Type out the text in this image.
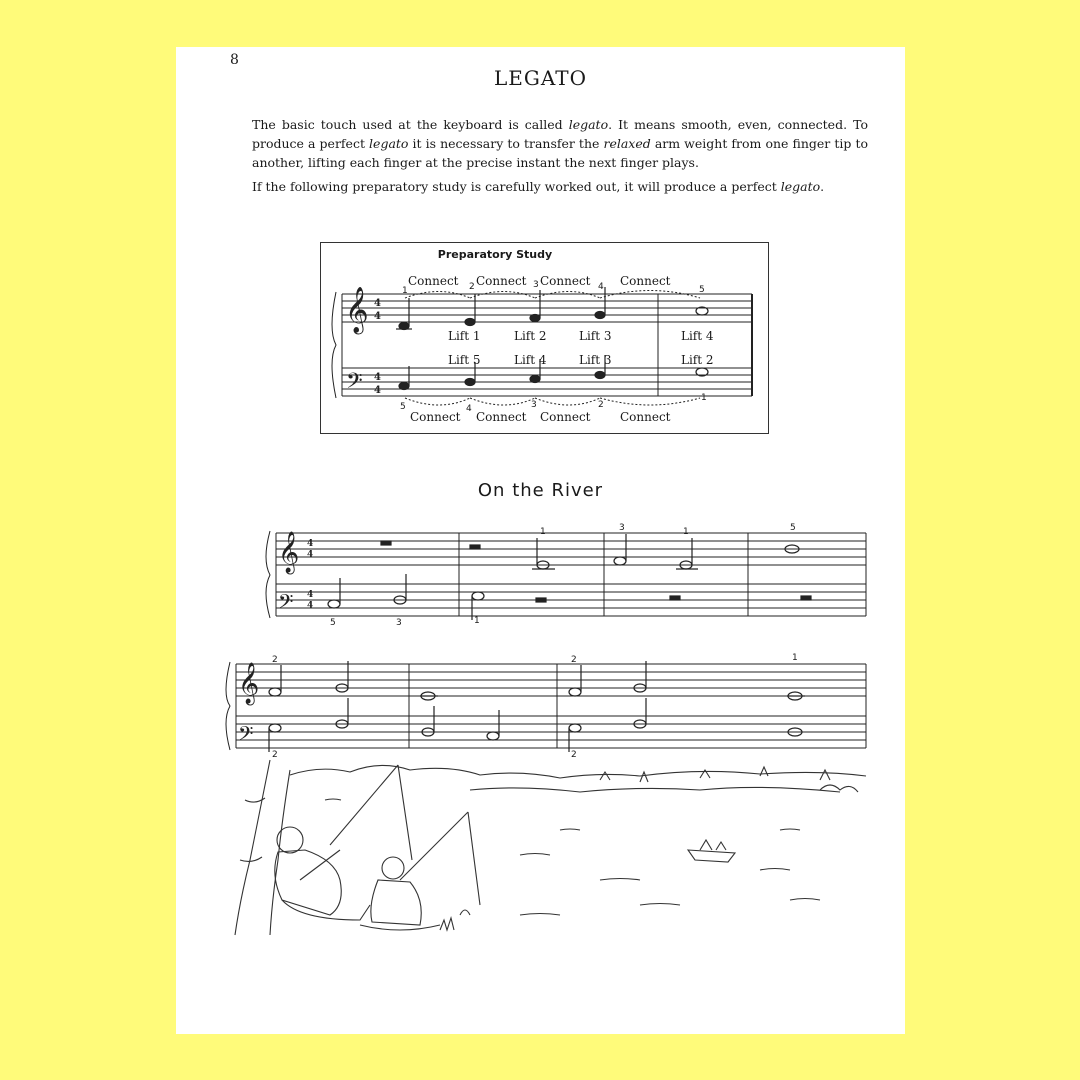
8
LEGATO
The basic touch used at the keyboard is called legato. It means smooth, even, connected. To produce a perfect legato it is necessary to transfer the relaxed arm weight from one finger tip to another, lifting each finger at the precise instant the next finger plays.
If the following preparatory study is carefully worked out, it will produce a perfect legato.
Preparatory Study
Connect Connect Connect Connect
Lift 1	Lift 2	Lift 3	Lift 4
Lift 5	Lift 4	Lift 3	Lift 2
Connect Connect Connect Connect
1	2	3	4	5
5	4	3	2
1
On the River
1	3	1	5
5	3	1
2	2	1
2	2
𝄞
𝄢
4
4
4
4
𝄞
𝄢
4
4
4
4
𝄞
𝄢
